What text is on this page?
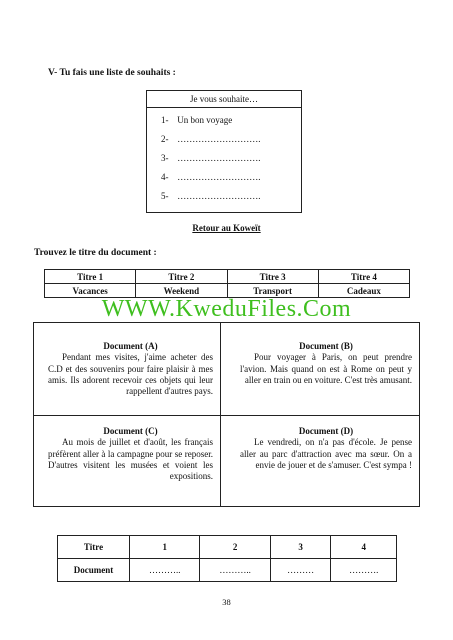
V- Tu fais une liste de souhaits :
Je vous souhaite…
1- Un bon voyage
2- ……………………….
3- ……………………….
4- ……………………….
5- ……………………….
Retour au Koweït
Trouvez le titre du document :
Titre 1	Titre 2	Titre 3	Titre 4
Vacances	Weekend	Transport	Cadeaux
WWW.KweduFiles.Com
Document (A)
Pendant mes visites, j'aime acheter des C.D et des souvenirs pour faire plaisir à mes amis. Ils adorent recevoir ces objets qui leur rappellent d'autres pays.
Document (B)
Pour voyager à Paris, on peut prendre l'avion. Mais quand on est à Rome on peut y aller en train ou en voiture. C'est très amusant.
Document (C)
Au mois de juillet et d'août, les français préfèrent aller à la campagne pour se reposer. D'autres visitent les musées et voient les expositions.
Document (D)
Le vendredi, on n'a pas d'école. Je pense aller au parc d'attraction avec ma sœur. On a envie de jouer et de s'amuser. C'est sympa !
Titre	1	2	3	4
Document	………..	………..	………	……….
38
